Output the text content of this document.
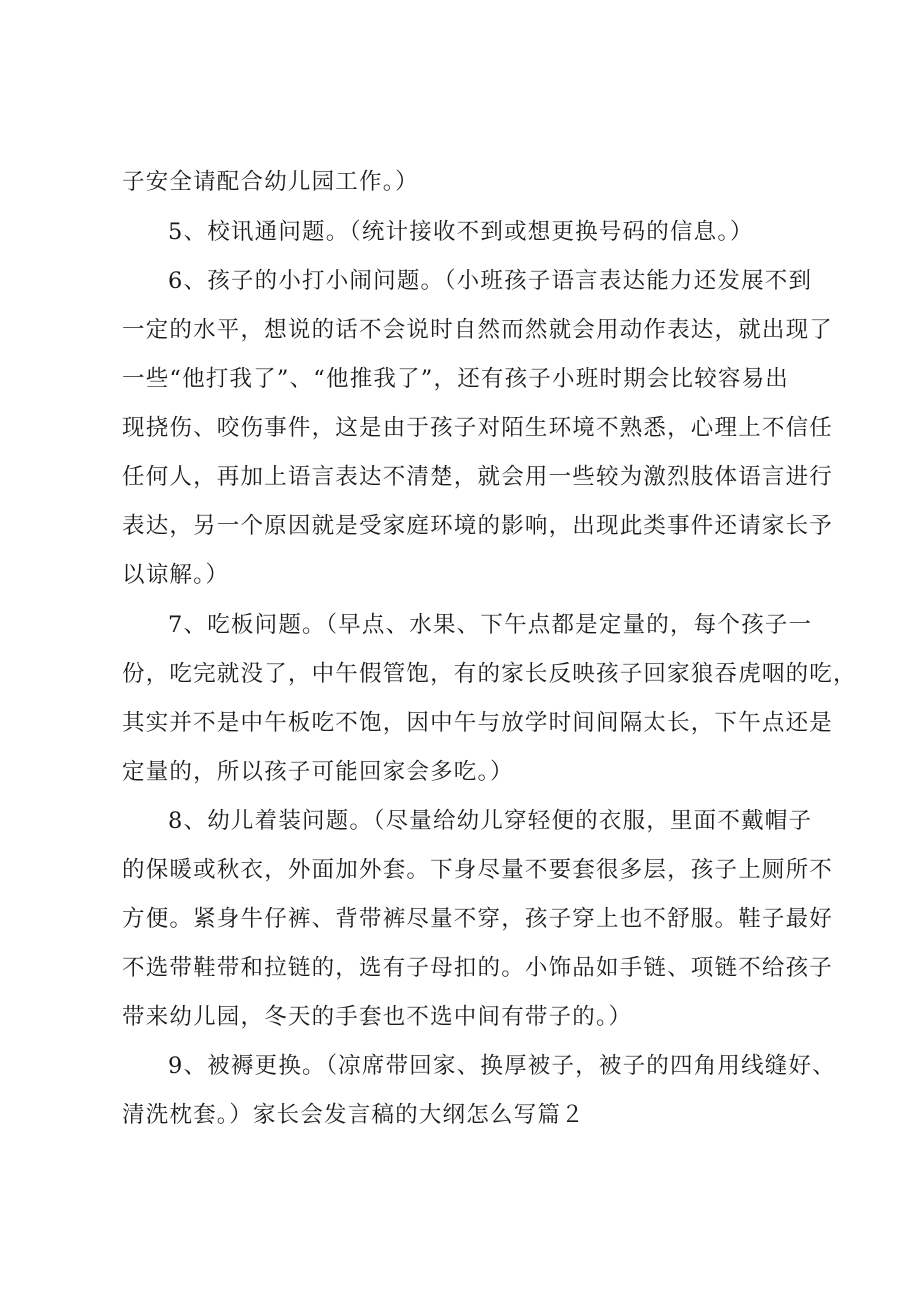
子安全请配合幼儿园工作。）

5、校讯通问题。（统计接收不到或想更换号码的信息。）

6、孩子的小打小闹问题。（小班孩子语言表达能力还发展不到

一定的水平，想说的话不会说时自然而然就会用动作表达，就出现了

一些“他打我了”、“他推我了”，还有孩子小班时期会比较容易出

现挠伤、咬伤事件，这是由于孩子对陌生环境不熟悉，心理上不信任

任何人，再加上语言表达不清楚，就会用一些较为激烈肢体语言进行

表达，另一个原因就是受家庭环境的影响，出现此类事件还请家长予

以谅解。）

7、吃板问题。（早点、水果、下午点都是定量的，每个孩子一

份，吃完就没了，中午假管饱，有的家长反映孩子回家狼吞虎咽的吃，

其实并不是中午板吃不饱，因中午与放学时间间隔太长，下午点还是

定量的，所以孩子可能回家会多吃。）

8、幼儿着装问题。（尽量给幼儿穿轻便的衣服，里面不戴帽子

的保暖或秋衣，外面加外套。下身尽量不要套很多层，孩子上厕所不

方便。紧身牛仔裤、背带裤尽量不穿，孩子穿上也不舒服。鞋子最好

不选带鞋带和拉链的，选有子母扣的。小饰品如手链、项链不给孩子

带来幼儿园，冬天的手套也不选中间有带子的。）

9、被褥更换。（凉席带回家、换厚被子，被子的四角用线缝好、

清洗枕套。）家长会发言稿的大纲怎么写篇２
